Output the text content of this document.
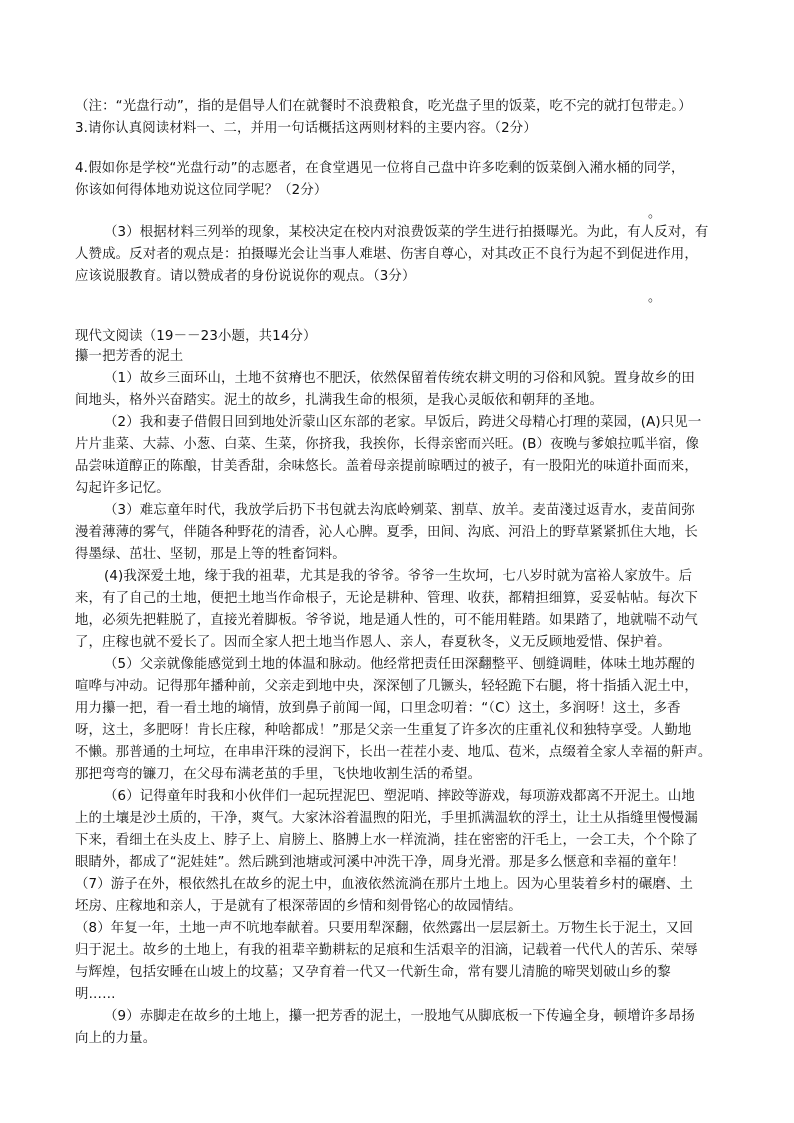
（注：“光盘行动”，指的是倡导人们在就餐时不浪费粮食，吃光盘子里的饭菜，吃不完的就打包带走。）
3.请你认真阅读材料一、二，并用一句话概括这两则材料的主要内容。（2分）
4.假如你是学校“光盘行动”的志愿者，在食堂遇见一位将自己盘中许多吃剩的饭菜倒入潲水桶的同学，
你该如何得体地劝说这位同学呢？（2分）
。
（3）根据材料三列举的现象，某校决定在校内对浪费饭菜的学生进行拍摄曝光。为此，有人反对，有
人赞成。反对者的观点是：拍摄曝光会让当事人难堪、伤害自尊心，对其改正不良行为起不到促进作用，
应该说服教育。请以赞成者的身份说说你的观点。（3分）
。
现代文阅读（19－－23小题，共14分）
攥一把芳香的泥土
（1）故乡三面环山，土地不贫瘠也不肥沃，依然保留着传统农耕文明的习俗和风貌。置身故乡的田
间地头，格外兴奋踏实。泥土的故乡，扎满我生命的根须，是我心灵皈依和朝拜的圣地。
（2）我和妻子借假日回到地处沂蒙山区东部的老家。早饭后，跨进父母精心打理的菜园，(A)只见一
片片韭菜、大蒜、小葱、白菜、生菜，你挤我，我挨你，长得亲密而兴旺。(B）夜晚与爹娘拉呱半宿，像
品尝味道醇正的陈酿，甘美香甜，余味悠长。盖着母亲提前晾晒过的被子，有一股阳光的味道扑面而来，
勾起许多记忆。
（3）难忘童年时代，我放学后扔下书包就去沟底岭剜菜、割草、放羊。麦苗淺过返青水，麦苗间弥
漫着薄薄的雾气，伴随各种野花的清香，沁人心脾。夏季，田间、沟底、河沿上的野草紧紧抓住大地，长
得墨绿、茁壮、坚韧，那是上等的牲畜饲料。
(4)我深爱土地，缘于我的祖辈，尤其是我的爷爷。爷爷一生坎坷，七八岁时就为富裕人家放牛。后
来，有了自己的土地，便把土地当作命根子，无论是耕种、管理、收获，都精担细算，妥妥帖帖。每次下
地，必须先把鞋脱了，直接光着脚板。爷爷说，地是通人性的，可不能用鞋踏。如果踏了，地就喘不动气
了，庄稼也就不爱长了。因而全家人把土地当作恩人、亲人，春夏秋冬，义无反顾地爱惜、保护着。
（5）父亲就像能感觉到土地的体温和脉动。他经常把责任田深翻整平、刨缝调畦，体味土地苏醒的
喧哗与冲动。记得那年播种前，父亲走到地中央，深深刨了几镢头，轻轻跪下右腿，将十指插入泥土中，
用力攥一把，看一看土地的墒情，放到鼻子前闻一闻，口里念叨着：“（C）这土，多润呀！这土，多香
呀，这土，多肥呀！肯长庄稼，种啥都成！”那是父亲一生重复了许多次的庄重礼仪和独特享受。人勤地
不懒。那普通的土坷垃，在串串汗珠的浸润下，长出一茬茬小麦、地瓜、苞米，点缀着全家人幸福的鼾声。
那把弯弯的镰刀，在父母布满老茧的手里，飞快地收割生活的希望。
（6）记得童年时我和小伙伴们一起玩捏泥巴、塑泥哨、摔跤等游戏，每项游戏都离不开泥土。山地
上的土壤是沙土质的，干净，爽气。大家沐浴着温煦的阳光，手里抓满温软的浮土，让土从指缝里慢慢漏
下来，看细土在头皮上、脖子上、肩膀上、胳膊上水一样流淌，挂在密密的汗毛上，一会工夫，个个除了
眼睛外，都成了“泥娃娃”。然后跳到池塘或河溪中冲洗干净，周身光滑。那是多么惬意和幸福的童年！
（7）游子在外，根依然扎在故乡的泥土中，血液依然流淌在那片土地上。因为心里装着乡村的碾磨、土
坯房、庄稼地和亲人，于是就有了根深蒂固的乡情和刻骨铭心的故园情结。
（8）年复一年，土地一声不吭地奉献着。只要用犁深翻，依然露出一层层新土。万物生长于泥土，又回
归于泥土。故乡的土地上，有我的祖辈辛勤耕耘的足痕和生活艰辛的泪滴，记载着一代代人的苦乐、荣辱
与辉煌，包括安睡在山坡上的坟墓；又孕育着一代又一代新生命，常有婴儿清脆的啼哭划破山乡的黎
明……
（9）赤脚走在故乡的土地上，攥一把芳香的泥土，一股地气从脚底板一下传遍全身，顿增许多昂扬
向上的力量。
